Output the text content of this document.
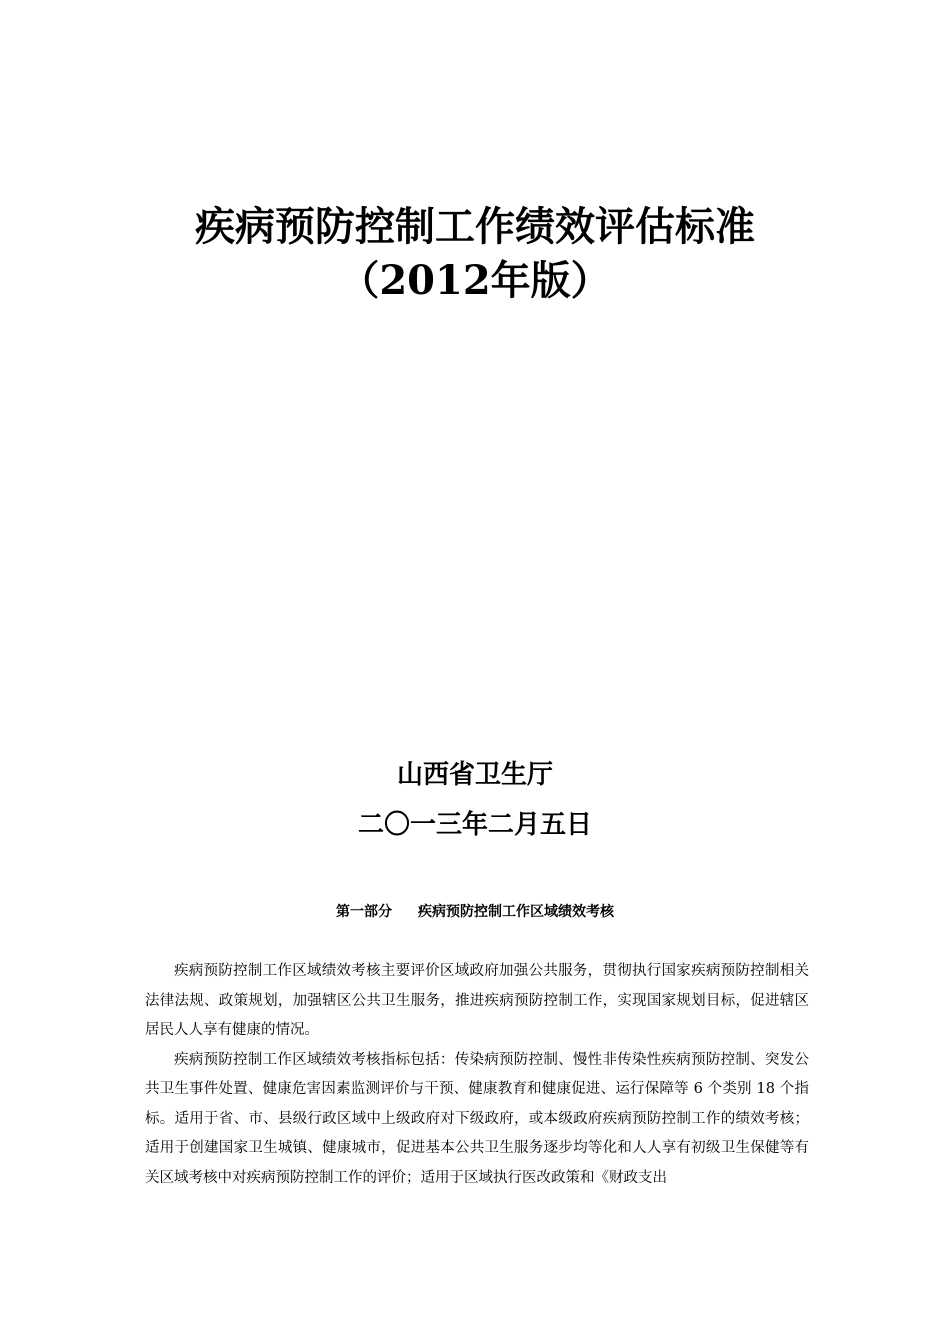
疾病预防控制工作绩效评估标准
（2012年版）
山西省卫生厅
二〇一三年二月五日
第一部分 疾病预防控制工作区域绩效考核

疾病预防控制工作区域绩效考核主要评价区域政府加强公共服务，贯彻执行国家疾病预防控制相关法律法规、政策规划，加强辖区公共卫生服务，推进疾病预防控制工作，实现国家规划目标，促进辖区居民人人享有健康的情况。

疾病预防控制工作区域绩效考核指标包括：传染病预防控制、慢性非传染性疾病预防控制、突发公共卫生事件处置、健康危害因素监测评价与干预、健康教育和健康促进、运行保障等 6 个类别 18 个指标。适用于省、市、县级行政区域中上级政府对下级政府，或本级政府疾病预防控制工作的绩效考核；适用于创建国家卫生城镇、健康城市，促进基本公共卫生服务逐步均等化和人人享有初级卫生保健等有关区域考核中对疾病预防控制工作的评价；适用于区域执行医改政策和《财政支出
